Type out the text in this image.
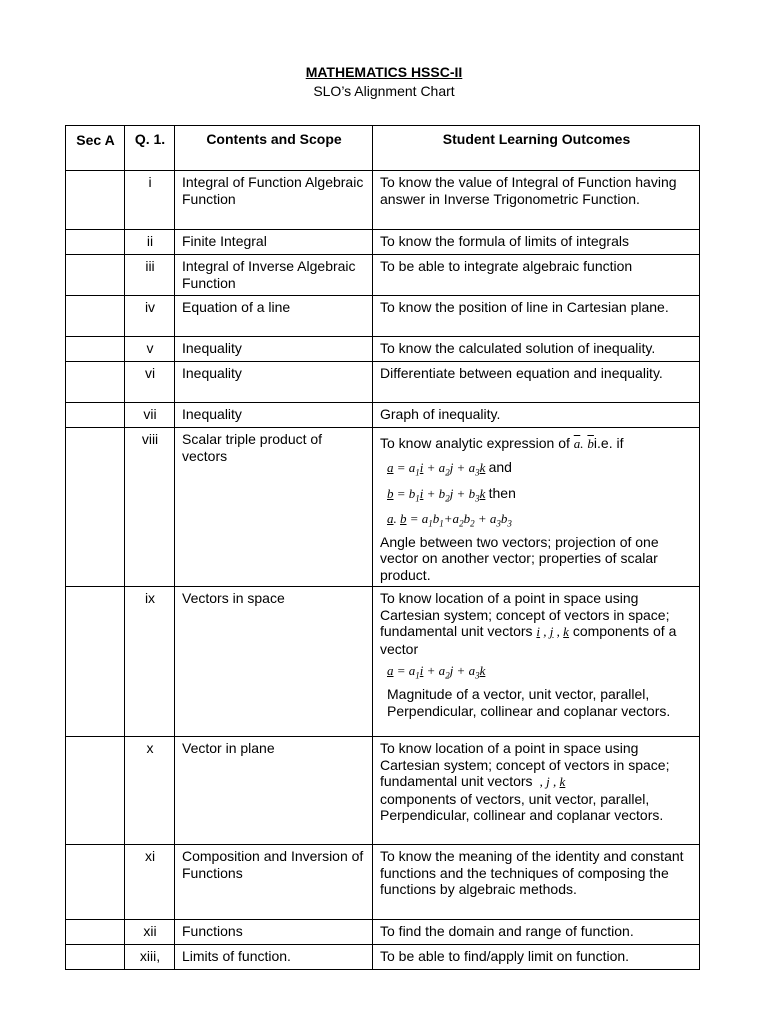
MATHEMATICS HSSC-II
SLO’s Alignment Chart
Sec A	Q. 1.	Contents and Scope	Student Learning Outcomes
	i	Integral of Function Algebraic Function	To know the value of Integral of Function having answer in Inverse Trigonometric Function.
	ii	Finite Integral	To know the formula of limits of integrals
	iii	Integral of Inverse Algebraic Function	To be able to integrate algebraic function
	iv	Equation of a line	To know the position of line in Cartesian plane.
	v	Inequality	To know the calculated solution of inequality.
	vi	Inequality	Differentiate between equation and inequality.
	vii	Inequality	Graph of inequality.
	viii	Scalar triple product of vectors	To know analytic expression of $\overline{a}$. $\overline{b}i.e$. if
$a = a_1i + a_2j + a_3k$ and
$b = b_1i + b_2j + b_3k$ then
a. $b = a_1b_1+a_2b_2 + a_3b_3$
Angle between two vectors; projection of one vector on another vector; properties of scalar product.

	ix	Vectors in space	To know location of a point in space using Cartesian system; concept of vectors in space; fundamental unit vectors i , j , k components of a vector
$a = a_1i + a_2j + a_3k$
Magnitude of a vector, unit vector, parallel, Perpendicular, collinear and coplanar vectors.

	x	Vector in plane	To know location of a point in space using Cartesian system; concept of vectors in space; fundamental unit vectors  , j , k
components of vectors, unit vector, parallel, Perpendicular, collinear and coplanar vectors.

	xi	Composition and Inversion of Functions	To know the meaning of the identity and constant functions and the techniques of composing the functions by algebraic methods.
	xii	Functions	To find the domain and range of function.
	xiii,	Limits of function.	To be able to find/apply limit on function.
